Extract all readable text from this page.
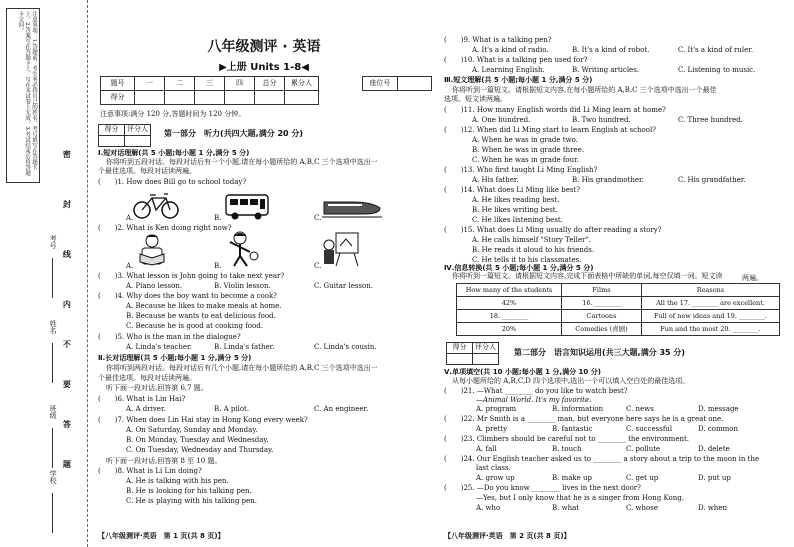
注意事项：1.答题前，考生务必将自己的姓名、考号填写在答题卡上。2.答案写在答题卡上，写在本试卷上无效。3.考试结束后将答题卡交回。
考号
姓名
班级
学校
密
封
线
内
不
要
答
题
八年级测评 · 英语
▶上册 Units 1-8◀
题号	一	二	三	四	总分	累分人
得分						
座位号	
注意事项:满分 120 分,答题时间为 120 分钟。
得分	评分人
	第一部分　听力(共四大题,满分 20 分)
Ⅰ.短对话理解(共 5 小题;每小题 1 分,满分 5 分)
你将听到五段对话。每段对话后有一个小题,请在每小题所给的 A,B,C 三个选项中选出一
个最佳选项。每段对话读两遍。
(　　)1. How does Bill go to school today?
A.	B.	C.
(　　)2. What is Ken doing right now?
A.	B.	C.
(　　)3. What lesson is John going to take next year?
A. Piano lesson.	B. Violin lesson.	C. Guitar lesson.
(　　)4. Why does the boy want to become a cook?
A. Because he likes to make meals at home.
B. Because he wants to eat delicious food.
C. Because he is good at cooking food.
(　　)5. Who is the man in the dialogue?
A. Linda's teacher.	B. Linda's father.	C. Linda's cousin.
Ⅱ.长对话理解(共 5 小题;每小题 1 分,满分 5 分)
你将听到两段对话。每段对话后有几个小题,请在每小题所给的 A,B,C 三个选项中选出一
个最佳选项。每段对话读两遍。
听下面一段对话,回答第 6,7 题。
(　　)6. What is Lin Hai?
A. A driver.	B. A pilot.	C. An engineer.
(　　)7. When does Lin Hai stay in Hong Kong every week?
A. On Saturday, Sunday and Monday.
B. On Monday, Tuesday and Wednesday.
C. On Tuesday, Wednesday and Thursday.
听下面一段对话,回答第 8 至 10 题。
(　　)8. What is Li Lin doing?
A. He is talking with his pen.
B. He is looking for his talking pen.
C. He is playing with his talking pen.
【八年级测评·英语　第 1 页(共 8 页)】
(　　)9. What is a talking pen?
A. It's a kind of radio.	B. It's a kind of robot.	C. It's a kind of ruler.
(　　)10. What is a talking pen used for?
A. Learning English.	B. Writing articles.	C. Listening to music.
Ⅲ.短文理解(共 5 小题;每小题 1 分,满分 5 分)
你将听到一篇短文。请根据短文内容,在每小题所给的 A,B,C 三个选项中选出一个最佳
选项。短文读两遍。
(　　)11. How many English words did Li Ming learn at home?
A. One hundred.	B. Two hundred.	C. Three hundred.
(　　)12. When did Li Ming start to learn English at school?
A. When he was in grade two.
B. When he was in grade three.
C. When he was in grade four.
(　　)13. Who first taught Li Ming English?
A. His father.	B. His grandmother.	C. His grandfather.
(　　)14. What does Li Ming like best?
A. He likes reading best.
B. He likes writing best.
C. He likes listening best.
(　　)15. What does Li Ming usually do after reading a story?
A. He calls himself "Story Teller".
B. He reads it aloud to his friends.
C. He tells it to his classmates.
Ⅳ.信息转换(共 5 小题;每小题 1 分,满分 5 分)
你将听到一篇短文。请根据短文内容,完成下面表格中所缺的单词,每空仅填一词。短文读
How many of the students	Films	Reasons
42%	16. ________	All the 17. ________ are excellent.
18. ________	Cartoons	Full of new ideas and 19. ________.
20%	Comedies (喜剧)	Fun and the most 20. ________.
两遍。
得分	评分人

第二部分　语言知识运用(共三大题,满分 35 分)
Ⅴ.单项填空(共 10 小题;每小题 1 分,满分 10 分)
从每小题所给的 A,B,C,D 四个选项中,选出一个可以填入空白处的最佳选项。
(　　)21. —What ________ do you like to watch best?
—Animal World. It's my favorite.
A. program	B. information	C. news	D. message
(　　)22. Mr Smith is a ________ man, but everyone here says he is a great one.
A. pretty	B. fantastic	C. successful	D. common
(　　)23. Climbers should be careful not to ________ the environment.
A. fall	B. touch	C. pollute	D. delete
(　　)24. Our English teacher asked us to ________ a story about a trip to the moon in the
last class.
A. grow up	B. make up	C. get up	D. put up
(　　)25. —Do you know ________ lives in the next door?
—Yes, but I only know that he is a singer from Hong Kong.
A. who	B. what	C. whose	D. when
【八年级测评·英语　第 2 页(共 8 页)】
